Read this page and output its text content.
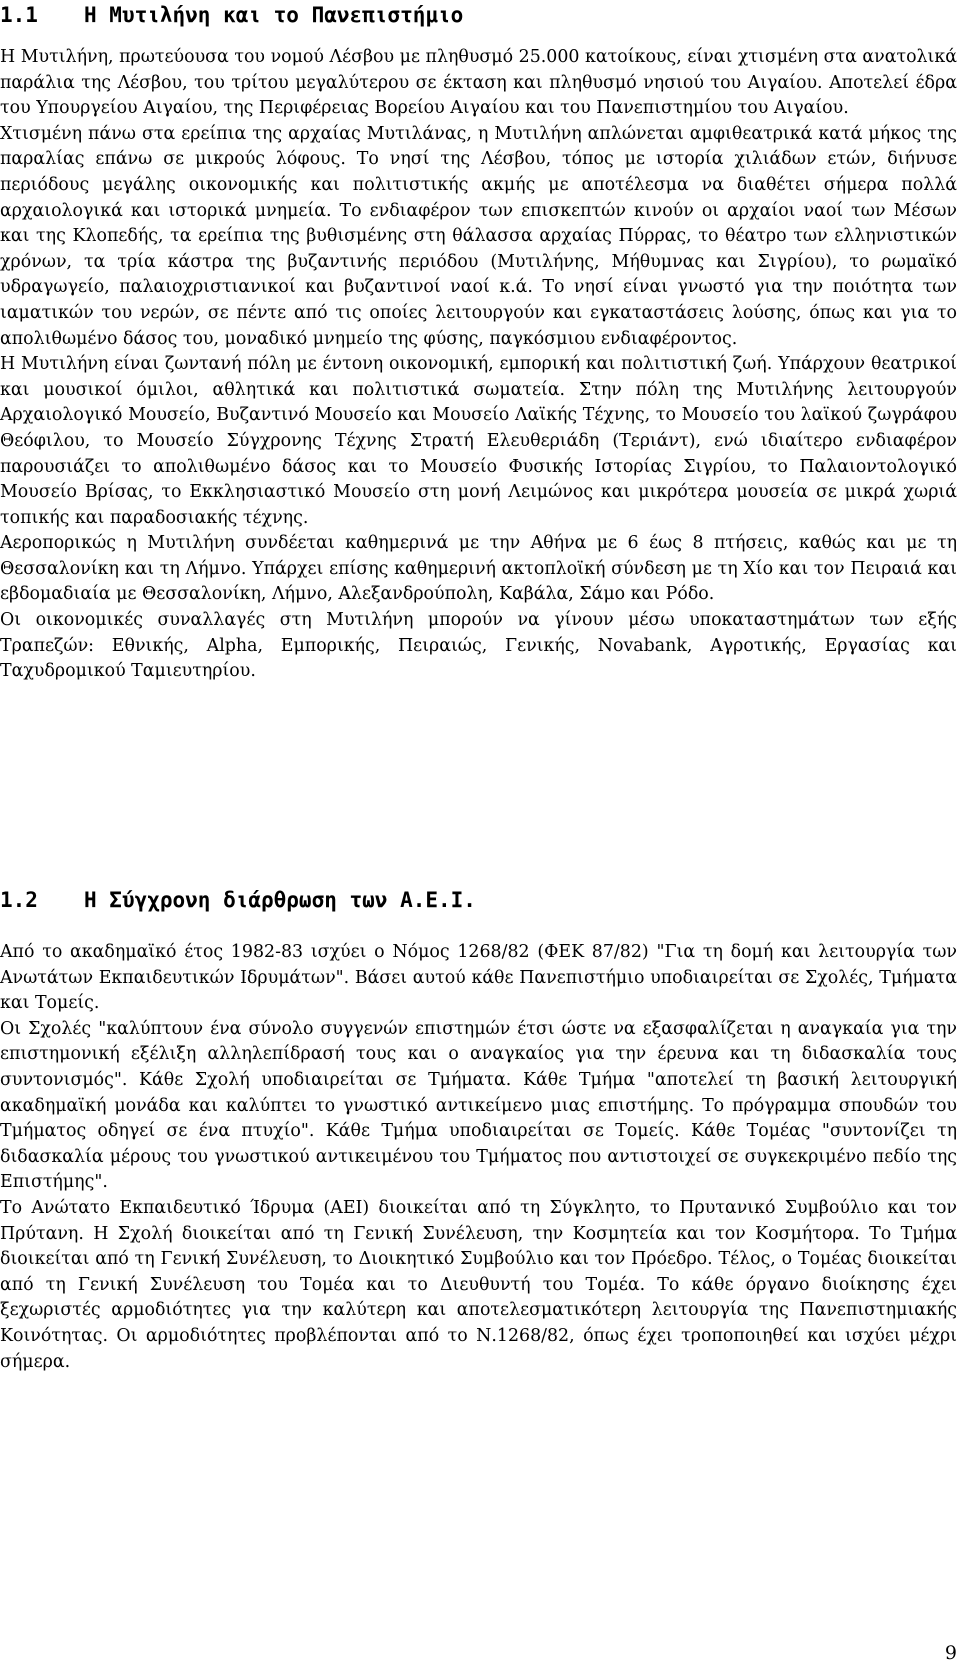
1.1 Η Μυτιλήνη και το Πανεπιστήμιο

Η Μυτιλήνη, πρωτεύουσα του νομού Λέσβου με πληθυσμό 25.000 κατοίκους, είναι χτισμένη στα ανατολικά παράλια της Λέσβου, του τρίτου μεγαλύτερου σε έκταση και πληθυσμό νησιού του Αιγαίου. Αποτελεί έδρα του Υπουργείου Αιγαίου, της Περιφέρειας Βορείου Αιγαίου και του Πανεπιστημίου του Αιγαίου.

Χτισμένη πάνω στα ερείπια της αρχαίας Μυτιλάνας, η Μυτιλήνη απλώνεται αμφιθεατρικά κατά μήκος της παραλίας επάνω σε μικρούς λόφους. Το νησί της Λέσβου, τόπος με ιστορία χιλιάδων ετών, διήνυσε περιόδους μεγάλης οικονομικής και πολιτιστικής ακμής με αποτέλεσμα να διαθέτει σήμερα πολλά αρχαιολογικά και ιστορικά μνημεία. Το ενδιαφέρον των επισκεπτών κινούν οι αρχαίοι ναοί των Μέσων και της Κλοπεδής, τα ερείπια της βυθισμένης στη θάλασσα αρχαίας Πύρρας, το θέατρο των ελληνιστικών χρόνων, τα τρία κάστρα της βυζαντινής περιόδου (Μυτιλήνης, Μήθυμνας και Σιγρίου), το ρωμαϊκό υδραγωγείο, παλαιοχριστιανικοί και βυζαντινοί ναοί κ.ά. Το νησί είναι γνωστό για την ποιότητα των ιαματικών του νερών, σε πέντε από τις οποίες λειτουργούν και εγκαταστάσεις λούσης, όπως και για το απολιθωμένο δάσος του, μοναδικό μνημείο της φύσης, παγκόσμιου ενδιαφέροντος.

Η Μυτιλήνη είναι ζωντανή πόλη με έντονη οικονομική, εμπορική και πολιτιστική ζωή. Υπάρχουν θεατρικοί και μουσικοί όμιλοι, αθλητικά και πολιτιστικά σωματεία. Στην πόλη της Μυτιλήνης λειτουργούν Αρχαιολογικό Μουσείο, Βυζαντινό Μουσείο και Μουσείο Λαϊκής Τέχνης, το Μουσείο του λαϊκού ζωγράφου Θεόφιλου, το Μουσείο Σύγχρονης Τέχνης Στρατή Ελευθεριάδη (Τεριάντ), ενώ ιδιαίτερο ενδιαφέρον παρουσιάζει το απολιθωμένο δάσος και το Μουσείο Φυσικής Ιστορίας Σιγρίου, το Παλαιοντολογικό Μουσείο Βρίσας, το Εκκλησιαστικό Μουσείο στη μονή Λειμώνος και μικρότερα μουσεία σε μικρά χωριά τοπικής και παραδοσιακής τέχνης.

Αεροπορικώς η Μυτιλήνη συνδέεται καθημερινά με την Αθήνα με 6 έως 8 πτήσεις, καθώς και με τη Θεσσαλονίκη και τη Λήμνο. Υπάρχει επίσης καθημερινή ακτοπλοϊκή σύνδεση με τη Χίο και τον Πειραιά και εβδομαδιαία με Θεσσαλονίκη, Λήμνο, Αλεξανδρούπολη, Καβάλα, Σάμο και Ρόδο.

Οι οικονομικές συναλλαγές στη Μυτιλήνη μπορούν να γίνουν μέσω υποκαταστημάτων των εξής Τραπεζών: Εθνικής, Alpha, Εμπορικής, Πειραιώς, Γενικής, Novabank, Αγροτικής, Εργασίας και Ταχυδρομικού Ταμιευτηρίου.

1.2 Η Σύγχρονη διάρθρωση των Α.Ε.Ι.

Από το ακαδημαϊκό έτος 1982-83 ισχύει ο Νόμος 1268/82 (ΦΕΚ 87/82) "Για τη δομή και λειτουργία των Ανωτάτων Εκπαιδευτικών Ιδρυμάτων". Βάσει αυτού κάθε Πανεπιστήμιο υποδιαιρείται σε Σχολές, Τμήματα και Τομείς.

Οι Σχολές "καλύπτουν ένα σύνολο συγγενών επιστημών έτσι ώστε να εξασφαλίζεται η αναγκαία για την επιστημονική εξέλιξη αλληλεπίδρασή τους και ο αναγκαίος για την έρευνα και τη διδασκαλία τους συντονισμός". Κάθε Σχολή υποδιαιρείται σε Τμήματα. Κάθε Τμήμα "αποτελεί τη βασική λειτουργική ακαδημαϊκή μονάδα και καλύπτει το γνωστικό αντικείμενο μιας επιστήμης. Το πρόγραμμα σπουδών του Τμήματος οδηγεί σε ένα πτυχίο". Κάθε Τμήμα υποδιαιρείται σε Τομείς. Κάθε Τομέας "συντονίζει τη διδασκαλία μέρους του γνωστικού αντικειμένου του Τμήματος που αντιστοιχεί σε συγκεκριμένο πεδίο της Επιστήμης".

Το Ανώτατο Εκπαιδευτικό Ίδρυμα (ΑΕΙ) διοικείται από τη Σύγκλητο, το Πρυτανικό Συμβούλιο και τον Πρύτανη. Η Σχολή διοικείται από τη Γενική Συνέλευση, την Κοσμητεία και τον Κοσμήτορα. Το Τμήμα διοικείται από τη Γενική Συνέλευση, το Διοικητικό Συμβούλιο και τον Πρόεδρο. Τέλος, ο Τομέας διοικείται από τη Γενική Συνέλευση του Τομέα και το Διευθυντή του Τομέα. Το κάθε όργανο διοίκησης έχει ξεχωριστές αρμοδιότητες για την καλύτερη και αποτελεσματικότερη λειτουργία της Πανεπιστημιακής Κοινότητας. Οι αρμοδιότητες προβλέπονται από το Ν.1268/82, όπως έχει τροποποιηθεί και ισχύει μέχρι σήμερα.

9
